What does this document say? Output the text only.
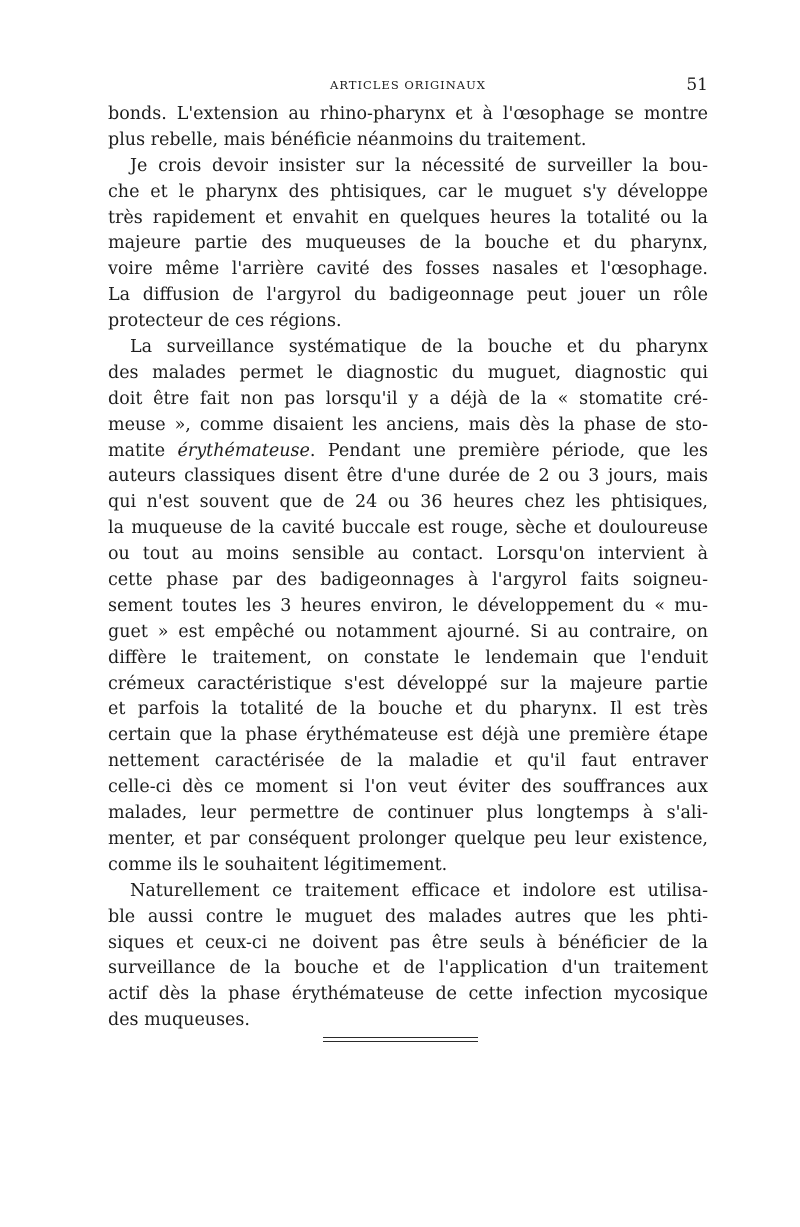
ARTICLES ORIGINAUX	51
bonds. L'extension au rhino-pharynx et à l'œsophage se montre
plus rebelle, mais bénéficie néanmoins du traitement.
Je crois devoir insister sur la nécessité de surveiller la bou-
che et le pharynx des phtisiques, car le muguet s'y développe
très rapidement et envahit en quelques heures la totalité ou la
majeure partie des muqueuses de la bouche et du pharynx,
voire même l'arrière cavité des fosses nasales et l'œsophage.
La diffusion de l'argyrol du badigeonnage peut jouer un rôle
protecteur de ces régions.
La surveillance systématique de la bouche et du pharynx
des malades permet le diagnostic du muguet, diagnostic qui
doit être fait non pas lorsqu'il y a déjà de la « stomatite cré-
meuse », comme disaient les anciens, mais dès la phase de sto-
matite érythémateuse. Pendant une première période, que les
auteurs classiques disent être d'une durée de 2 ou 3 jours, mais
qui n'est souvent que de 24 ou 36 heures chez les phtisiques,
la muqueuse de la cavité buccale est rouge, sèche et douloureuse
ou tout au moins sensible au contact. Lorsqu'on intervient à
cette phase par des badigeonnages à l'argyrol faits soigneu-
sement toutes les 3 heures environ, le développement du « mu-
guet » est empêché ou notamment ajourné. Si au contraire, on
diffère le traitement, on constate le lendemain que l'enduit
crémeux caractéristique s'est développé sur la majeure partie
et parfois la totalité de la bouche et du pharynx. Il est très
certain que la phase érythémateuse est déjà une première étape
nettement caractérisée de la maladie et qu'il faut entraver
celle-ci dès ce moment si l'on veut éviter des souffrances aux
malades, leur permettre de continuer plus longtemps à s'ali-
menter, et par conséquent prolonger quelque peu leur existence,
comme ils le souhaitent légitimement.
Naturellement ce traitement efficace et indolore est utilisa-
ble aussi contre le muguet des malades autres que les phti-
siques et ceux-ci ne doivent pas être seuls à bénéficier de la
surveillance de la bouche et de l'application d'un traitement
actif dès la phase érythémateuse de cette infection mycosique
des muqueuses.
